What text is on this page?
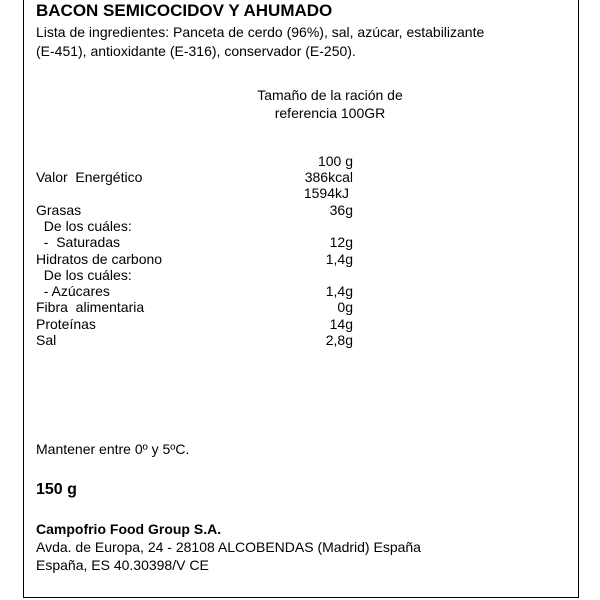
BACON SEMICOCIDOV Y AHUMADO
Lista de ingredientes: Panceta de cerdo (96%), sal, azúcar, estabilizante
(E-451), antioxidante (E-316), conservador (E-250).
Tamaño de la ración de
referencia 100GR
100 g
Valor  Energético	386kcal
1594kJ
Grasas	36g
De los cuáles:
-  Saturadas	12g
Hidratos de carbono	1,4g
De los cuáles:
- Azúcares	1,4g
Fibra  alimentaria	0g
Proteínas	14g
Sal	2,8g
Mantener entre 0º y 5ºC.
150 g
Campofrio Food Group S.A.
Avda. de Europa, 24 - 28108 ALCOBENDAS (Madrid) España
España, ES 40.30398/V CE
